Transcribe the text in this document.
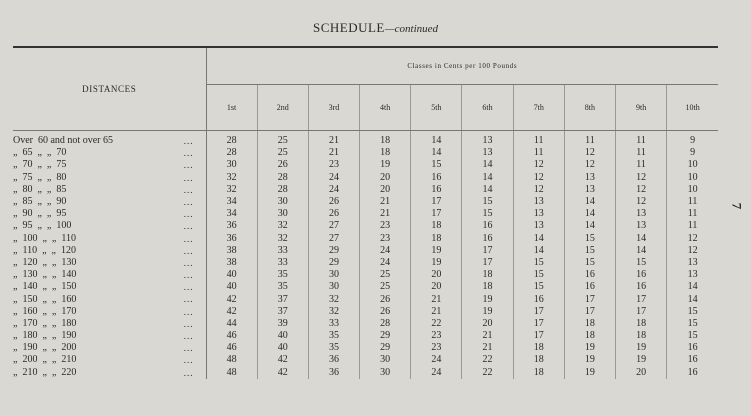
SCHEDULE—continued
7
DISTANCES	Classes in Cents per 100 Pounds									
	1st	2nd	3rd	4th	5th	6th	7th	8th	9th	10th
Over  60 and not over 65 ...	28	25	21	18	14	13	11	11	11	9
„  65  „  „  70 ...	28	25	21	18	14	13	11	12	11	9
„  70  „  „  75 ...	30	26	23	19	15	14	12	12	11	10
„  75  „  „  80 ...	32	28	24	20	16	14	12	13	12	10
„  80  „  „  85 ...	32	28	24	20	16	14	12	13	12	10
„  85  „  „  90 ...	34	30	26	21	17	15	13	14	12	11
„  90  „  „  95 ...	34	30	26	21	17	15	13	14	13	11
„  95  „  „  100 ...	36	32	27	23	18	16	13	14	13	11
„  100  „  „  110 ...	36	32	27	23	18	16	14	15	14	12
„  110  „  „  120 ...	38	33	29	24	19	17	14	15	14	12
„  120  „  „  130 ...	38	33	29	24	19	17	15	15	15	13
„  130  „  „  140 ...	40	35	30	25	20	18	15	16	16	13
„  140  „  „  150 ...	40	35	30	25	20	18	15	16	16	14
„  150  „  „  160 ...	42	37	32	26	21	19	16	17	17	14
„  160  „  „  170 ...	42	37	32	26	21	19	17	17	17	15
„  170  „  „  180 ...	44	39	33	28	22	20	17	18	18	15
„  180  „  „  190 ...	46	40	35	29	23	21	17	18	18	15
„  190  „  „  200 ...	46	40	35	29	23	21	18	19	19	16
„  200  „  „  210 ...	48	42	36	30	24	22	18	19	19	16
„  210  „  „  220 ...	48	42	36	30	24	22	18	19	20	16
